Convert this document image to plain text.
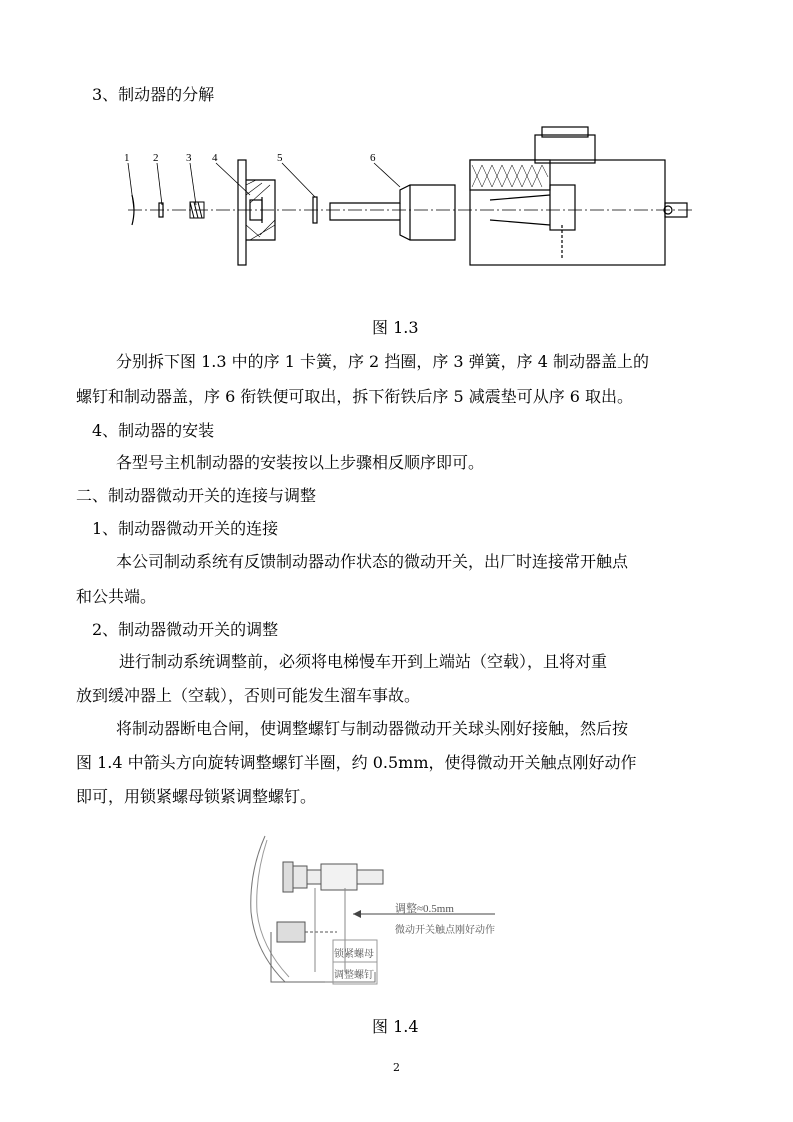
3、制动器的分解
1 2	3 4	5	6
图 1.3
分别拆下图 1.3 中的序 1 卡簧，序 2 挡圈，序 3 弹簧，序 4 制动器盖上的
螺钉和制动器盖，序 6 衔铁便可取出，拆下衔铁后序 5 减震垫可从序 6 取出。
4、制动器的安装
各型号主机制动器的安装按以上步骤相反顺序即可。
二、制动器微动开关的连接与调整
1、制动器微动开关的连接
本公司制动系统有反馈制动器动作状态的微动开关，出厂时连接常开触点
和公共端。
2、制动器微动开关的调整
进行制动系统调整前，必须将电梯慢车开到上端站（空载），且将对重
放到缓冲器上（空载），否则可能发生溜车事故。
将制动器断电合闸，使调整螺钉与制动器微动开关球头刚好接触，然后按
图 1.4 中箭头方向旋转调整螺钉半圈，约 0.5mm，使得微动开关触点刚好动作
即可，用锁紧螺母锁紧调整螺钉。
调整≈0.5mm
微动开关触点刚好动作
锁紧螺母
调整螺钉
图 1.4
2
